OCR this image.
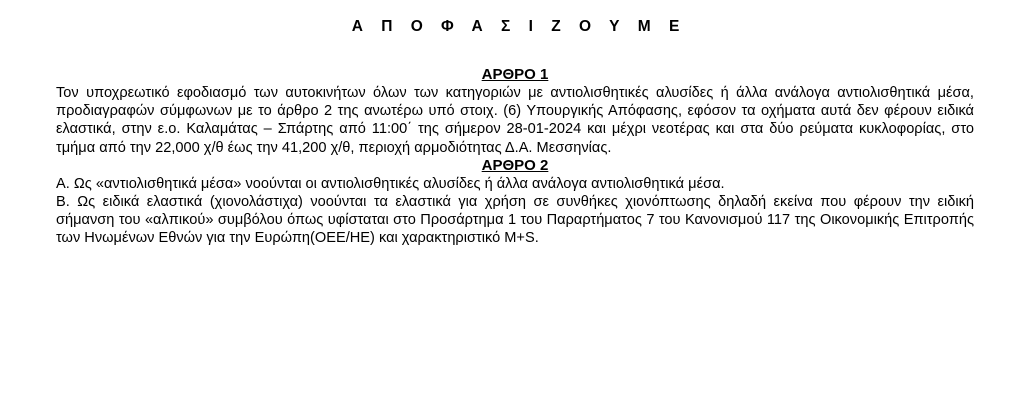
Α Π Ο Φ Α Σ Ι Ζ Ο Υ Μ Ε
ΑΡΘΡΟ 1

Τον υποχρεωτικό εφοδιασμό των αυτοκινήτων όλων των κατηγοριών με αντιολισθητικές αλυσίδες ή άλλα ανάλογα αντιολισθητικά μέσα, προδιαγραφών σύμφωνων με το άρθρο 2 της ανωτέρω υπό στοιχ. (6) Υπουργικής Απόφασης, εφόσον τα οχήματα αυτά δεν φέρουν ειδικά ελαστικά, στην ε.ο. Καλαμάτας – Σπάρτης από 11:00΄ της σήμερον 28-01-2024 και μέχρι νεοτέρας και στα δύο ρεύματα κυκλοφορίας, στο τμήμα από την 22,000 χ/θ έως την 41,200 χ/θ, περιοχή αρμοδιότητας Δ.Α. Μεσσηνίας.

ΑΡΘΡΟ 2

Α. Ως «αντιολισθητικά μέσα» νοούνται οι αντιολισθητικές αλυσίδες ή άλλα ανάλογα αντιολισθητικά μέσα.

Β. Ως ειδικά ελαστικά (χιονολάστιχα) νοούνται τα ελαστικά για χρήση σε συνθήκες χιονόπτωσης δηλαδή εκείνα που φέρουν την ειδική σήμανση του «αλπικού» συμβόλου όπως υφίσταται στο Προσάρτημα 1 του Παραρτήματος 7 του Κανονισμού 117 της Οικονομικής Επιτροπής των Ηνωμένων Εθνών για την Ευρώπη(ΟΕΕ/ΗΕ) και χαρακτηριστικό M+S.
